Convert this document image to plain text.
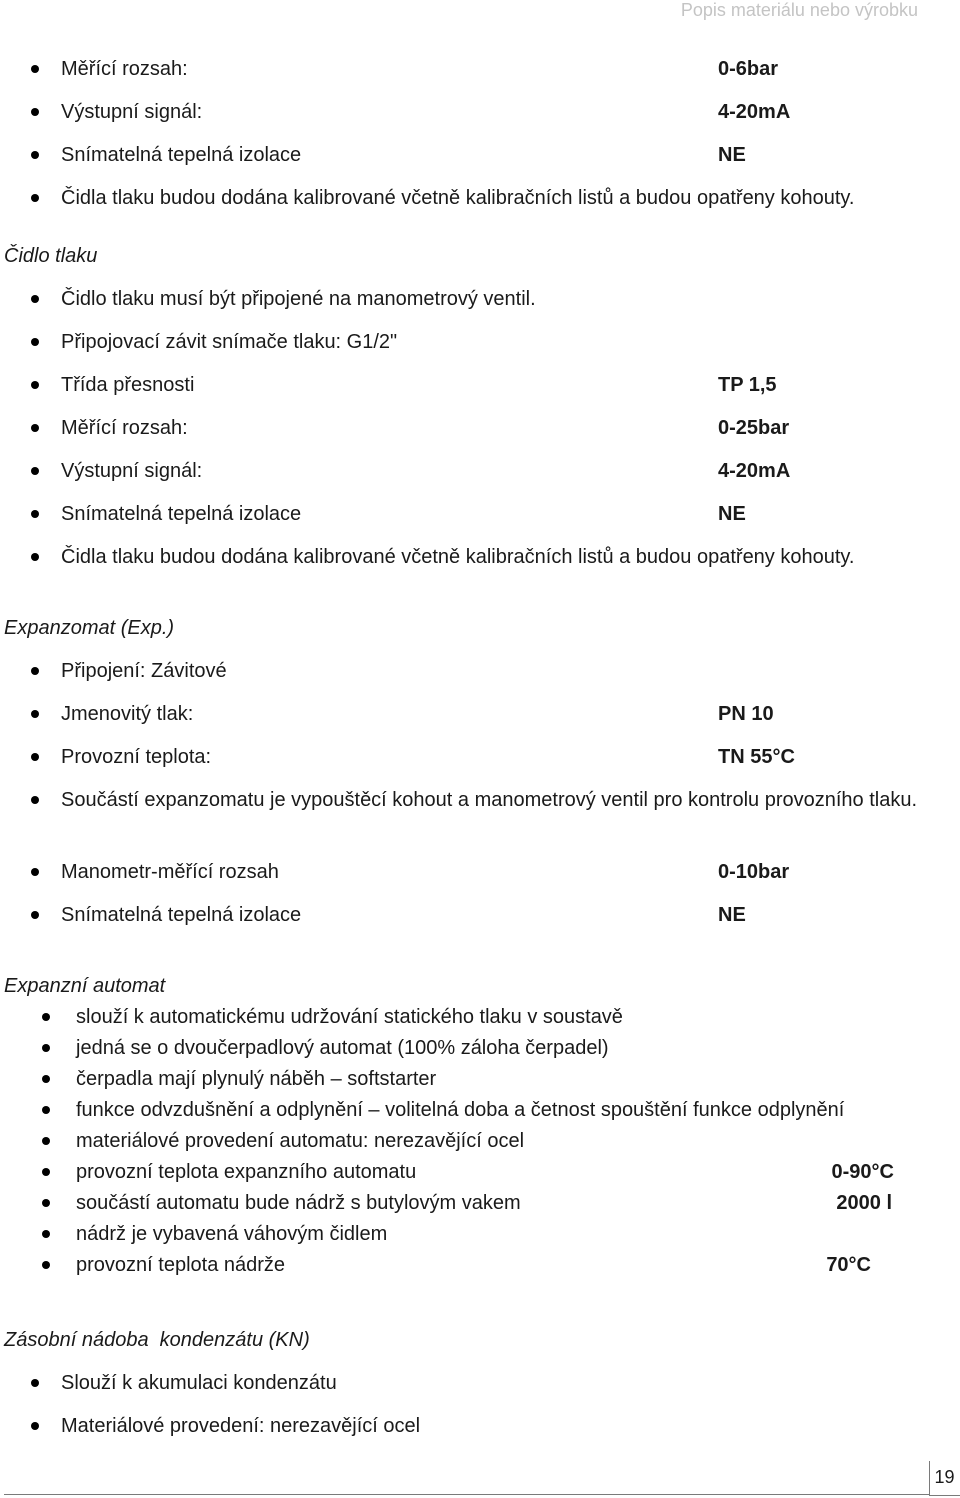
Popis materiálu nebo výrobku
Měřící rozsah:	0-6bar
Výstupní signál:	4-20mA
Snímatelná tepelná izolace	NE
Čidla tlaku budou dodána kalibrované včetně kalibračních listů a budou opatřeny kohouty.
Čidlo tlaku
Čidlo tlaku musí být připojené na manometrový ventil.
Připojovací závit snímače tlaku: G1/2"
Třída přesnosti	TP 1,5
Měřící rozsah:	0-25bar
Výstupní signál:	4-20mA
Snímatelná tepelná izolace	NE
Čidla tlaku budou dodána kalibrované včetně kalibračních listů a budou opatřeny kohouty.
Expanzomat (Exp.)
Připojení: Závitové
Jmenovitý tlak:	PN 10
Provozní teplota:	TN 55°C
Součástí expanzomatu je vypouštěcí kohout a manometrový ventil pro kontrolu provozního tlaku.
Manometr-měřící rozsah	0-10bar
Snímatelná tepelná izolace	NE
Expanzní automat
slouží k automatickému udržování statického tlaku v soustavě
jedná se o dvoučerpadlový automat (100% záloha čerpadel)
čerpadla mají plynulý náběh – softstarter
funkce odvzdušnění a odplynění – volitelná doba a četnost spouštění funkce odplynění
materiálové provedení automatu: nerezavějící ocel
provozní teplota expanzního automatu	0-90°C
součástí automatu bude nádrž s butylovým vakem	2000 l
nádrž je vybavená váhovým čidlem
provozní teplota nádrže	70°C
Zásobní nádoba  kondenzátu (KN)
Slouží k akumulaci kondenzátu
Materiálové provedení: nerezavějící ocel
19
